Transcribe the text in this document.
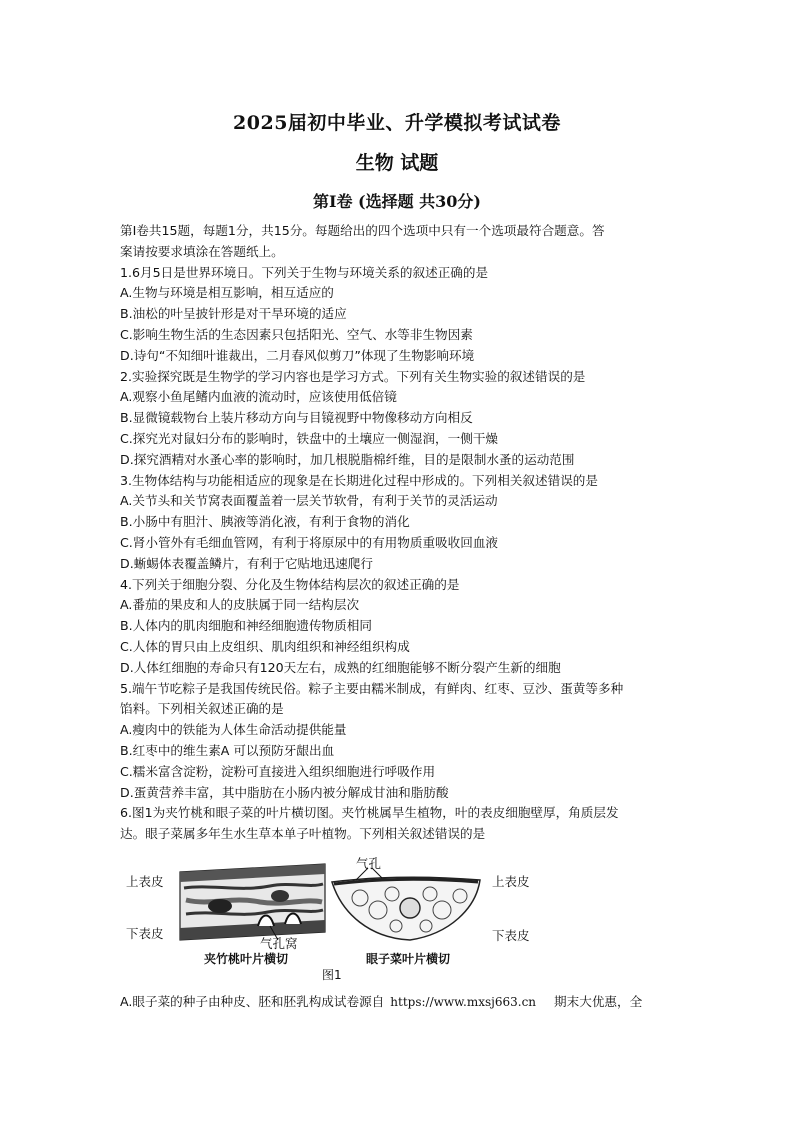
2025届初中毕业、升学模拟考试试卷
生物 试题
第Ⅰ卷 (选择题 共30分)
第Ⅰ卷共15题，每题1分，共15分。每题给出的四个选项中只有一个选项最符合题意。答
案请按要求填涂在答题纸上。
1.6月5日是世界环境日。下列关于生物与环境关系的叙述正确的是
A.生物与环境是相互影响，相互适应的
B.油松的叶呈披针形是对干旱环境的适应
C.影响生物生活的生态因素只包括阳光、空气、水等非生物因素
D.诗句“不知细叶谁裁出，二月春风似剪刀”体现了生物影响环境
2.实验探究既是生物学的学习内容也是学习方式。下列有关生物实验的叙述错误的是
A.观察小鱼尾鳍内血液的流动时，应该使用低倍镜
B.显微镜载物台上装片移动方向与目镜视野中物像移动方向相反
C.探究光对鼠妇分布的影响时，铁盘中的土壤应一侧湿润，一侧干燥
D.探究酒精对水蚤心率的影响时，加几根脱脂棉纤维，目的是限制水蚤的运动范围
3.生物体结构与功能相适应的现象是在长期进化过程中形成的。下列相关叙述错误的是
A.关节头和关节窝表面覆盖着一层关节软骨，有利于关节的灵活运动
B.小肠中有胆汁、胰液等消化液，有利于食物的消化
C.肾小管外有毛细血管网，有利于将原尿中的有用物质重吸收回血液
D.蜥蜴体表覆盖鳞片，有利于它贴地迅速爬行
4.下列关于细胞分裂、分化及生物体结构层次的叙述正确的是
A.番茄的果皮和人的皮肤属于同一结构层次
B.人体内的肌肉细胞和神经细胞遗传物质相同
C.人体的胃只由上皮组织、肌肉组织和神经组织构成
D.人体红细胞的寿命只有120天左右，成熟的红细胞能够不断分裂产生新的细胞
5.端午节吃粽子是我国传统民俗。粽子主要由糯米制成，有鲜肉、红枣、豆沙、蛋黄等多种
馅料。下列相关叙述正确的是
A.瘦肉中的铁能为人体生命活动提供能量
B.红枣中的维生素A 可以预防牙龈出血
C.糯米富含淀粉，淀粉可直接进入组织细胞进行呼吸作用
D.蛋黄营养丰富，其中脂肪在小肠内被分解成甘油和脂肪酸
6.图1为夹竹桃和眼子菜的叶片横切图。夹竹桃属旱生植物，叶的表皮细胞壁厚，角质层发
达。眼子菜属多年生水生草本单子叶植物。下列相关叙述错误的是
气孔
上表皮
下表皮
上表皮
下表皮
气孔窝
夹竹桃叶片横切	眼子菜叶片横切
图1
A.眼子菜的种子由种皮、胚和胚乳构成试卷源自 https://www.mxsj663.cn 期末大优惠，全
